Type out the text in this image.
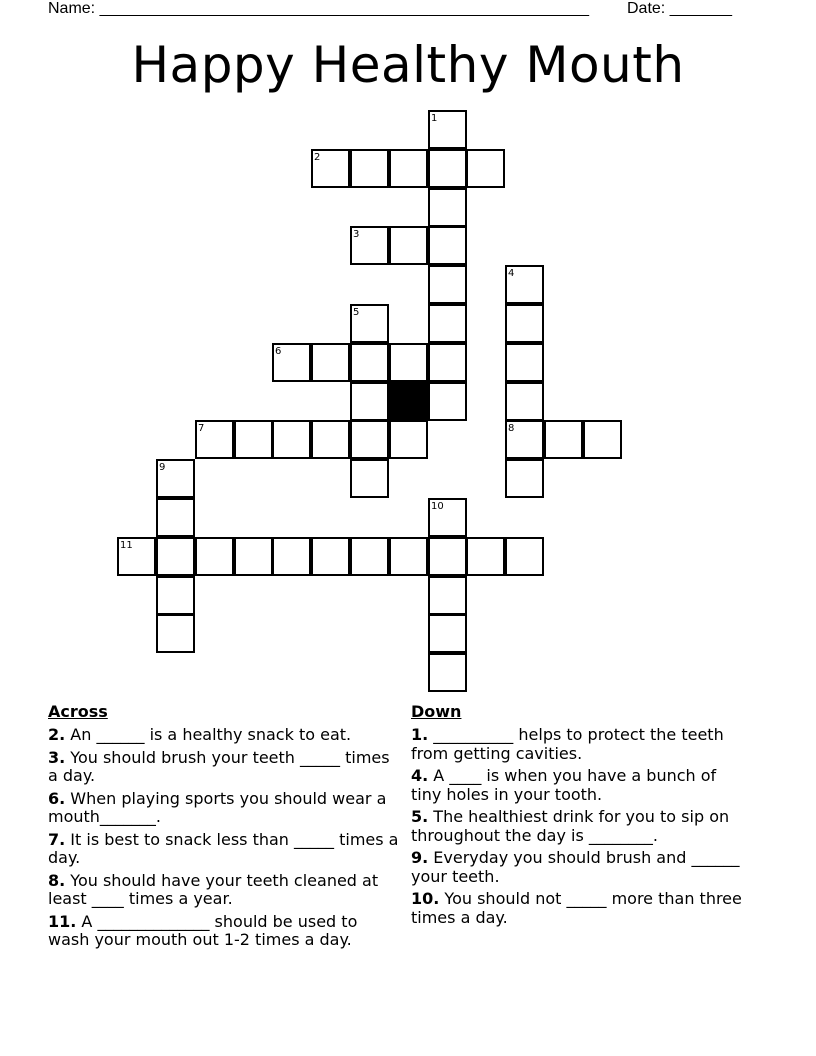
Name: _______________________________________________________ Date: _______
Happy Healthy Mouth
1
2
3
4
5
6
7	8
9
10
11
Across
2. An ______ is a healthy snack to eat.
3. You should brush your teeth _____ times a day.
6. When playing sports you should wear a mouth_______.
7. It is best to snack less than _____ times a day.
8. You should have your teeth cleaned at least ____ times a year.
11. A ______________ should be used to wash your mouth out 1-2 times a day.
Down
1. __________ helps to protect the teeth from getting cavities.
4. A ____ is when you have a bunch of tiny holes in your tooth.
5. The healthiest drink for you to sip on throughout the day is ________.
9. Everyday you should brush and ______ your teeth.
10. You should not _____ more than three times a day.
